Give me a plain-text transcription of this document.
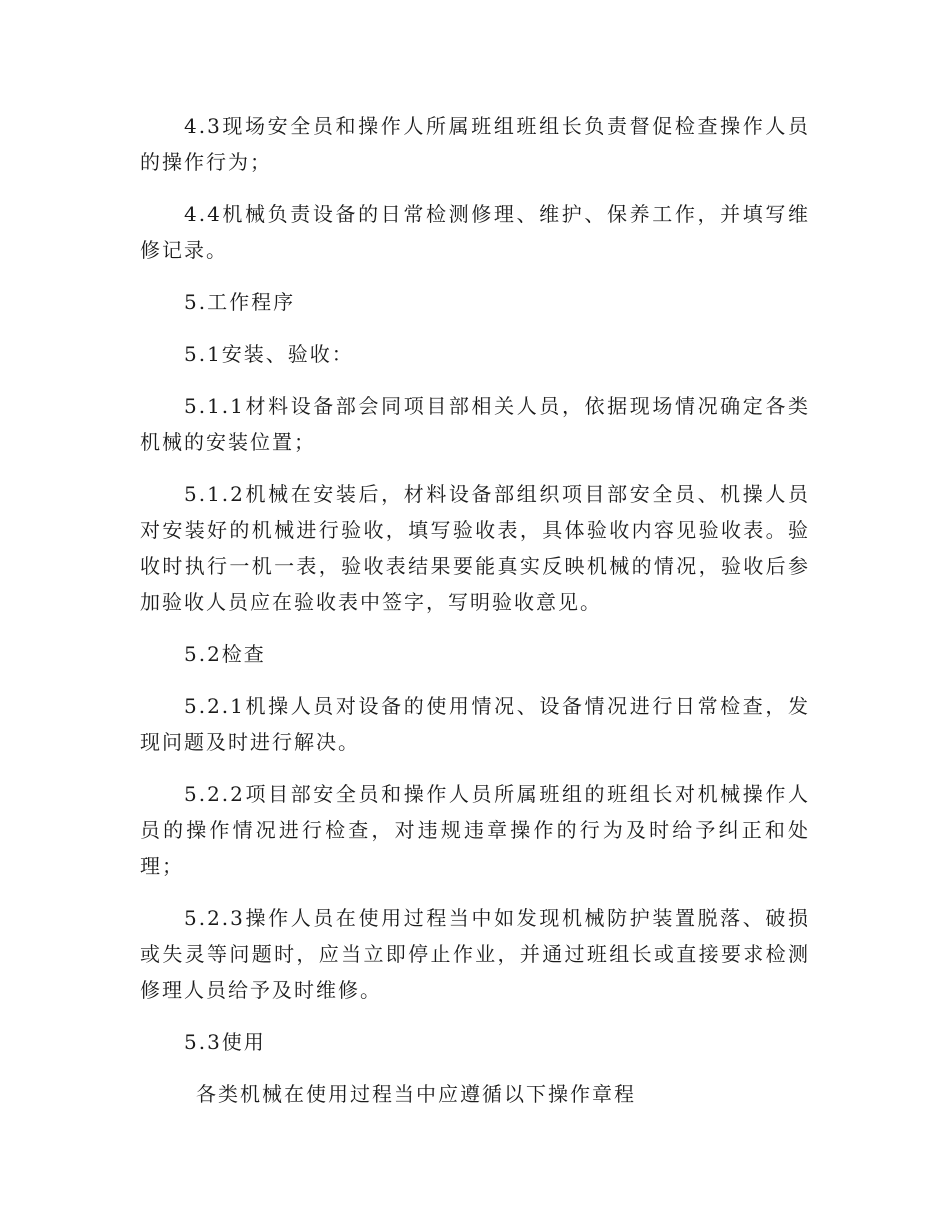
4.3现场安全员和操作人所属班组班组长负责督促检查操作人员的操作行为；

4.4机械负责设备的日常检测修理、维护、保养工作，并填写维修记录。

5.工作程序

5.1安装、验收：

5.1.1材料设备部会同项目部相关人员，依据现场情况确定各类机械的安装位置；

5.1.2机械在安装后，材料设备部组织项目部安全员、机操人员对安装好的机械进行验收，填写验收表，具体验收内容见验收表。验收时执行一机一表，验收表结果要能真实反映机械的情况，验收后参加验收人员应在验收表中签字，写明验收意见。

5.2检查

5.2.1机操人员对设备的使用情况、设备情况进行日常检查，发现问题及时进行解决。

5.2.2项目部安全员和操作人员所属班组的班组长对机械操作人员的操作情况进行检查，对违规违章操作的行为及时给予纠正和处理；

5.2.3操作人员在使用过程当中如发现机械防护装置脱落、破损或失灵等问题时，应当立即停止作业，并通过班组长或直接要求检测修理人员给予及时维修。

5.3使用

各类机械在使用过程当中应遵循以下操作章程
